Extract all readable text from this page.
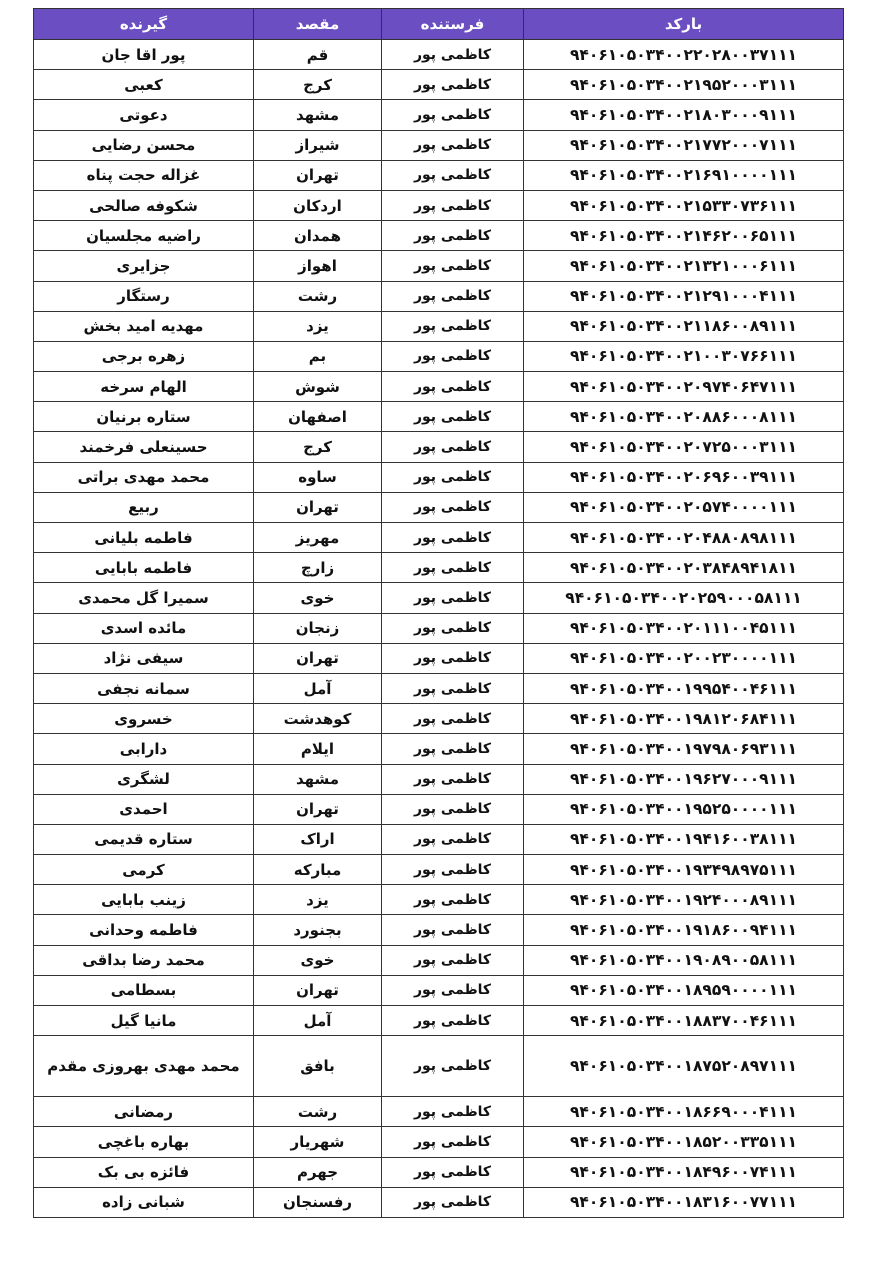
بارکد	فرستنده	مقصد	گیرنده
۹۴۰۶۱۰۵۰۳۴۰۰۲۲۰۲۸۰۰۳۷۱۱۱	کاظمی پور	قم	پور اقا جان
۹۴۰۶۱۰۵۰۳۴۰۰۲۱۹۵۲۰۰۰۳۱۱۱	کاظمی پور	کرج	کعبی
۹۴۰۶۱۰۵۰۳۴۰۰۲۱۸۰۳۰۰۰۹۱۱۱	کاظمی پور	مشهد	دعوتی
۹۴۰۶۱۰۵۰۳۴۰۰۲۱۷۷۲۰۰۰۷۱۱۱	کاظمی پور	شیراز	محسن رضایی
۹۴۰۶۱۰۵۰۳۴۰۰۲۱۶۹۱۰۰۰۰۱۱۱	کاظمی پور	تهران	غزاله حجت پناه
۹۴۰۶۱۰۵۰۳۴۰۰۲۱۵۳۳۰۷۳۶۱۱۱	کاظمی پور	اردکان	شکوفه صالحی
۹۴۰۶۱۰۵۰۳۴۰۰۲۱۴۶۲۰۰۶۵۱۱۱	کاظمی پور	همدان	راضیه مجلسیان
۹۴۰۶۱۰۵۰۳۴۰۰۲۱۳۲۱۰۰۰۶۱۱۱	کاظمی پور	اهواز	جزایری
۹۴۰۶۱۰۵۰۳۴۰۰۲۱۲۹۱۰۰۰۴۱۱۱	کاظمی پور	رشت	رستگار
۹۴۰۶۱۰۵۰۳۴۰۰۲۱۱۸۶۰۰۸۹۱۱۱	کاظمی پور	یزد	مهدیه امید بخش
۹۴۰۶۱۰۵۰۳۴۰۰۲۱۰۰۳۰۷۶۶۱۱۱	کاظمی پور	بم	زهره برجی
۹۴۰۶۱۰۵۰۳۴۰۰۲۰۹۷۴۰۶۴۷۱۱۱	کاظمی پور	شوش	الهام سرخه
۹۴۰۶۱۰۵۰۳۴۰۰۲۰۸۸۶۰۰۰۸۱۱۱	کاظمی پور	اصفهان	ستاره برنیان
۹۴۰۶۱۰۵۰۳۴۰۰۲۰۷۲۵۰۰۰۳۱۱۱	کاظمی پور	کرج	حسینعلی فرخمند
۹۴۰۶۱۰۵۰۳۴۰۰۲۰۶۹۶۰۰۳۹۱۱۱	کاظمی پور	ساوه	محمد مهدی براتی
۹۴۰۶۱۰۵۰۳۴۰۰۲۰۵۷۴۰۰۰۰۱۱۱	کاظمی پور	تهران	ربیع
۹۴۰۶۱۰۵۰۳۴۰۰۲۰۴۸۸۰۸۹۸۱۱۱	کاظمی پور	مهریز	فاطمه بلیانی
۹۴۰۶۱۰۵۰۳۴۰۰۲۰۳۸۴۸۹۴۱۸۱۱	کاظمی پور	زارچ	فاطمه بابایی
۹۴۰۶۱۰۵۰۳۴۰۰۲۰۲۵۹۰۰۰۵۸۱۱۱	کاظمی پور	خوی	سمیرا گل محمدی
۹۴۰۶۱۰۵۰۳۴۰۰۲۰۱۱۱۰۰۴۵۱۱۱	کاظمی پور	زنجان	مائده اسدی
۹۴۰۶۱۰۵۰۳۴۰۰۲۰۰۲۳۰۰۰۰۱۱۱	کاظمی پور	تهران	سیفی نژاد
۹۴۰۶۱۰۵۰۳۴۰۰۱۹۹۵۴۰۰۴۶۱۱۱	کاظمی پور	آمل	سمانه نجفی
۹۴۰۶۱۰۵۰۳۴۰۰۱۹۸۱۲۰۶۸۴۱۱۱	کاظمی پور	کوهدشت	خسروی
۹۴۰۶۱۰۵۰۳۴۰۰۱۹۷۹۸۰۶۹۳۱۱۱	کاظمی پور	ایلام	دارابی
۹۴۰۶۱۰۵۰۳۴۰۰۱۹۶۲۷۰۰۰۹۱۱۱	کاظمی پور	مشهد	لشگری
۹۴۰۶۱۰۵۰۳۴۰۰۱۹۵۲۵۰۰۰۰۱۱۱	کاظمی پور	تهران	احمدی
۹۴۰۶۱۰۵۰۳۴۰۰۱۹۴۱۶۰۰۳۸۱۱۱	کاظمی پور	اراک	ستاره قدیمی
۹۴۰۶۱۰۵۰۳۴۰۰۱۹۳۴۹۸۹۷۵۱۱۱	کاظمی پور	مبارکه	کرمی
۹۴۰۶۱۰۵۰۳۴۰۰۱۹۲۴۰۰۰۸۹۱۱۱	کاظمی پور	یزد	زینب بابایی
۹۴۰۶۱۰۵۰۳۴۰۰۱۹۱۸۶۰۰۹۴۱۱۱	کاظمی پور	بجنورد	فاطمه وحدانی
۹۴۰۶۱۰۵۰۳۴۰۰۱۹۰۸۹۰۰۵۸۱۱۱	کاظمی پور	خوی	محمد رضا بداقی
۹۴۰۶۱۰۵۰۳۴۰۰۱۸۹۵۹۰۰۰۰۱۱۱	کاظمی پور	تهران	بسطامی
۹۴۰۶۱۰۵۰۳۴۰۰۱۸۸۳۷۰۰۴۶۱۱۱	کاظمی پور	آمل	مانیا گیل
۹۴۰۶۱۰۵۰۳۴۰۰۱۸۷۵۲۰۸۹۷۱۱۱	کاظمی پور	بافق	محمد مهدی بهروزی مقدم
۹۴۰۶۱۰۵۰۳۴۰۰۱۸۶۶۹۰۰۰۴۱۱۱	کاظمی پور	رشت	رمضانی
۹۴۰۶۱۰۵۰۳۴۰۰۱۸۵۲۰۰۳۳۵۱۱۱	کاظمی پور	شهریار	بهاره باغچی
۹۴۰۶۱۰۵۰۳۴۰۰۱۸۴۹۶۰۰۷۴۱۱۱	کاظمی پور	جهرم	فائزه بی بک
۹۴۰۶۱۰۵۰۳۴۰۰۱۸۳۱۶۰۰۷۷۱۱۱	کاظمی پور	رفسنجان	شبانی زاده
